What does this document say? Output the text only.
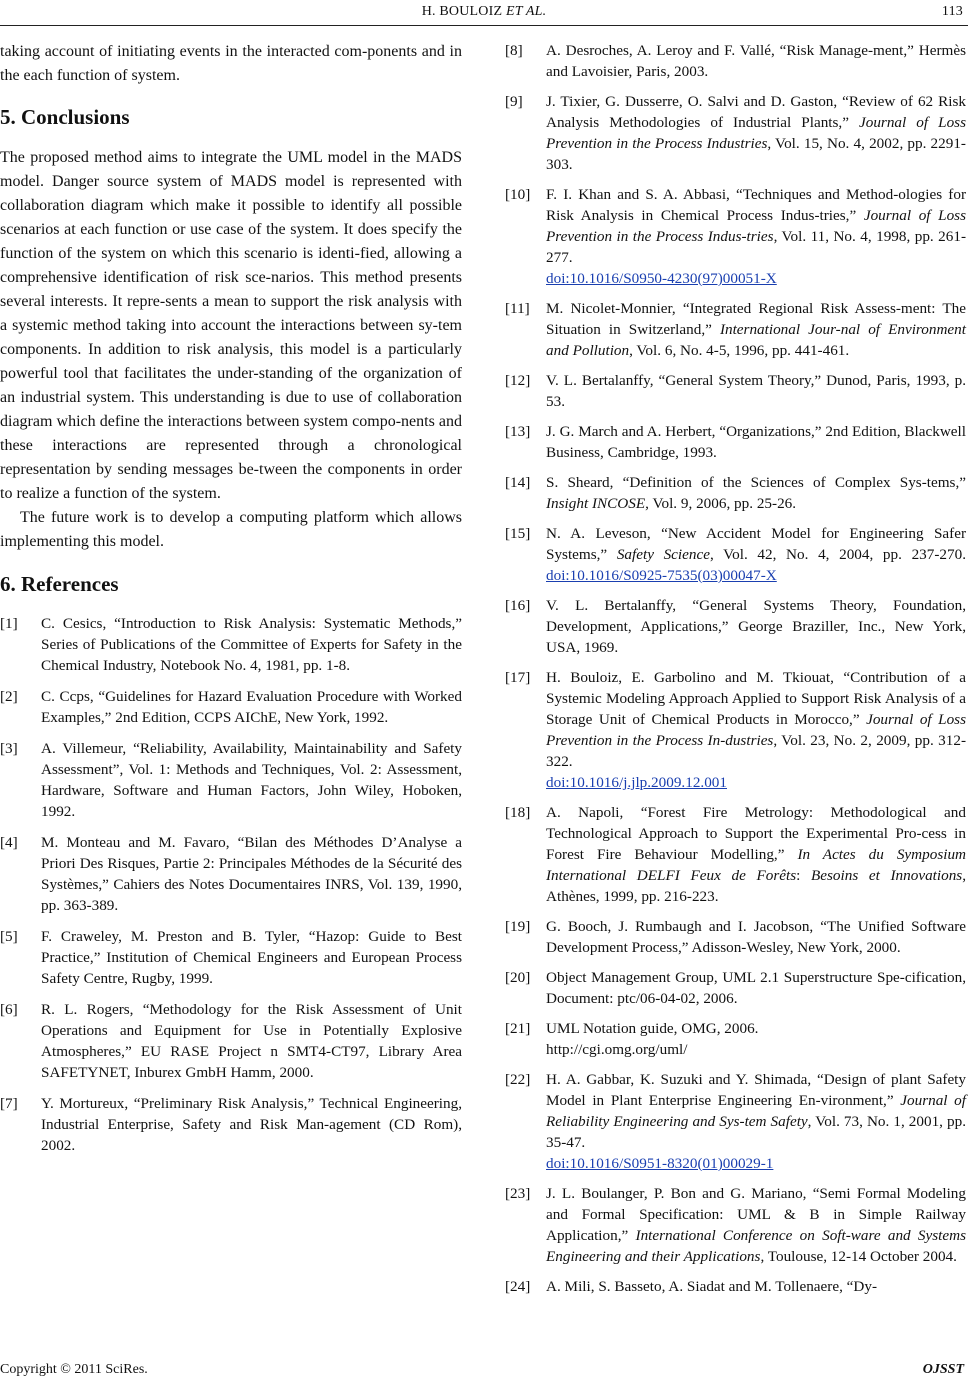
H. BOULOIZ ET AL.	113

taking account of initiating events in the interacted com-ponents and in the each function of system.

5. Conclusions

The proposed method aims to integrate the UML model in the MADS model. Danger source system of MADS model is represented with collaboration diagram which make it possible to identify all possible scenarios at each function or use case of the system. It does specify the function of the system on which this scenario is identi-fied, allowing a comprehensive identification of risk sce-narios. This method presents several interests. It repre-sents a mean to support the risk analysis with a systemic method taking into account the interactions between sy-tem components. In addition to risk analysis, this model is a particularly powerful tool that facilitates the under-standing of the organization of an industrial system. This understanding is due to use of collaboration diagram which define the interactions between system compo-nents and these interactions are represented through a chronological representation by sending messages be-tween the components in order to realize a function of the system.

The future work is to develop a computing platform which allows implementing this model.

6. References
[1] C. Cesics, “Introduction to Risk Analysis: Systematic Methods,” Series of Publications of the Committee of Experts for Safety in the Chemical Industry, Notebook No. 4, 1981, pp. 1-8.
[2] C. Ccps, “Guidelines for Hazard Evaluation Procedure with Worked Examples,” 2nd Edition, CCPS AIChE, New York, 1992.
[3] A. Villemeur, “Reliability, Availability, Maintainability and Safety Assessment”, Vol. 1: Methods and Techniques, Vol. 2: Assessment, Hardware, Software and Human Factors, John Wiley, Hoboken, 1992.
[4] M. Monteau and M. Favaro, “Bilan des Méthodes D’Analyse a Priori Des Risques, Partie 2: Principales Méthodes de la Sécurité des Systèmes,” Cahiers des Notes Documentaires INRS, Vol. 139, 1990, pp. 363-389.
[5] F. Craweley, M. Preston and B. Tyler, “Hazop: Guide to Best Practice,” Institution of Chemical Engineers and European Process Safety Centre, Rugby, 1999.
[6] R. L. Rogers, “Methodology for the Risk Assessment of Unit Operations and Equipment for Use in Potentially Explosive Atmospheres,” EU RASE Project n SMT4-CT97, Library Area SAFETYNET, Inburex GmbH Hamm, 2000.
[7] Y. Mortureux, “Preliminary Risk Analysis,” Technical Engineering, Industrial Enterprise, Safety and Risk Man-agement (CD Rom), 2002.
[8] A. Desroches, A. Leroy and F. Vallé, “Risk Manage-ment,” Hermès and Lavoisier, Paris, 2003.
[9] J. Tixier, G. Dusserre, O. Salvi and D. Gaston, “Review of 62 Risk Analysis Methodologies of Industrial Plants,” Journal of Loss Prevention in the Process Industries, Vol. 15, No. 4, 2002, pp. 2291-303.
[10] F. I. Khan and S. A. Abbasi, “Techniques and Method-ologies for Risk Analysis in Chemical Process Indus-tries,” Journal of Loss Prevention in the Process Indus-tries, Vol. 11, No. 4, 1998, pp. 261-277.
doi:10.1016/S0950-4230(97)00051-X
[11] M. Nicolet-Monnier, “Integrated Regional Risk Assess-ment: The Situation in Switzerland,” International Jour-nal of Environment and Pollution, Vol. 6, No. 4-5, 1996, pp. 441-461.
[12] V. L. Bertalanffy, “General System Theory,” Dunod, Paris, 1993, p. 53.
[13] J. G. March and A. Herbert, “Organizations,” 2nd Edition, Blackwell Business, Cambridge, 1993.
[14] S. Sheard, “Definition of the Sciences of Complex Sys-tems,” Insight INCOSE, Vol. 9, 2006, pp. 25-26.
[15] N. A. Leveson, “New Accident Model for Engineering Safer Systems,” Safety Science, Vol. 42, No. 4, 2004, pp. 237-270. doi:10.1016/S0925-7535(03)00047-X
[16] V. L. Bertalanffy, “General Systems Theory, Foundation, Development, Applications,” George Braziller, Inc., New York, USA, 1969.
[17] H. Bouloiz, E. Garbolino and M. Tkiouat, “Contribution of a Systemic Modeling Approach Applied to Support Risk Analysis of a Storage Unit of Chemical Products in Morocco,” Journal of Loss Prevention in the Process In-dustries, Vol. 23, No. 2, 2009, pp. 312-322.
doi:10.1016/j.jlp.2009.12.001
[18] A. Napoli, “Forest Fire Metrology: Methodological and Technological Approach to Support the Experimental Pro-cess in Forest Fire Behaviour Modelling,” In Actes du Symposium International DELFI Feux de Forêts: Besoins et Innovations, Athènes, 1999, pp. 216-223.
[19] G. Booch, J. Rumbaugh and I. Jacobson, “The Unified Software Development Process,” Adisson-Wesley, New York, 2000.
[20] Object Management Group, UML 2.1 Superstructure Spe-cification, Document: ptc/06-04-02, 2006.
[21] UML Notation guide, OMG, 2006.
http://cgi.omg.org/uml/
[22] H. A. Gabbar, K. Suzuki and Y. Shimada, “Design of plant Safety Model in Plant Enterprise Engineering En-vironment,” Journal of Reliability Engineering and Sys-tem Safety, Vol. 73, No. 1, 2001, pp. 35-47.
doi:10.1016/S0951-8320(01)00029-1
[23] J. L. Boulanger, P. Bon and G. Mariano, “Semi Formal Modeling and Formal Specification: UML & B in Simple Railway Application,” International Conference on Soft-ware and Systems Engineering and their Applications, Toulouse, 12-14 October 2004.
[24] A. Mili, S. Basseto, A. Siadat and M. Tollenaere, “Dy-
Copyright © 2011 SciRes.	OJSST
